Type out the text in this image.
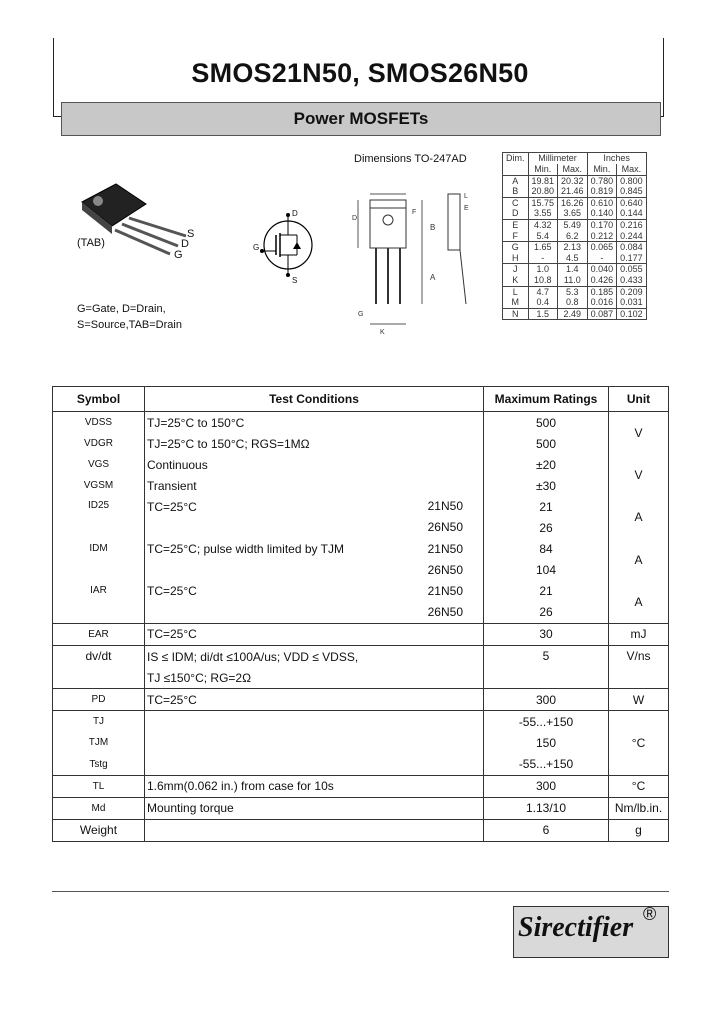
SMOS21N50, SMOS26N50
Power MOSFETs
Dimensions TO-247AD
(TAB)
S
D
G
D
G
S
B
A
D
F
G
K
L
E
G=Gate, D=Drain,
S=Source,TAB=Drain
Dim.	Millimeter		Inches	
	Min.	Max.	Min.	Max.
A	19.81	20.32	0.780	0.800
B	20.80	21.46	0.819	0.845
C	15.75	16.26	0.610	0.640
D	3.55	3.65	0.140	0.144
E	4.32	5.49	0.170	0.216
F	5.4	6.2	0.212	0.244
G	1.65	2.13	0.065	0.084
H	-	4.5	-	0.177
J	1.0	1.4	0.040	0.055
K	10.8	11.0	0.426	0.433
L	4.7	5.3	0.185	0.209
M	0.4	0.8	0.016	0.031
N	1.5	2.49	0.087	0.102
Symbol	Test Conditions	Maximum Ratings	Unit
VDSS	TJ=25°C to 150°C	500	V
VDGR	TJ=25°C to 150°C; RGS=1MΩ	500	
VGS	Continuous	±20	V
VGSM	Transient	±30	
ID25	TC=25°C 21N50	21	A

	26N50	26	
IDM	TC=25°C; pulse width limited by TJM 21N50	84	A

	26N50	104	
IAR	TC=25°C 21N50	21	A

	26N50	26	
EAR	TC=25°C	30	mJ
dv/dt	IS ≤ IDM; di/dt ≤100A/us; VDD ≤ VDSS,	5	V/ns
	TJ ≤150°C; RG=2Ω		
PD	TC=25°C	300	W
TJ		-55...+150	°C
TJM		150	
Tstg		-55...+150	
TL	1.6mm(0.062 in.) from case for 10s	300	°C
Md	Mounting torque	1.13/10	Nm/lb.in.
Weight		6	g
Sirectifier ®
